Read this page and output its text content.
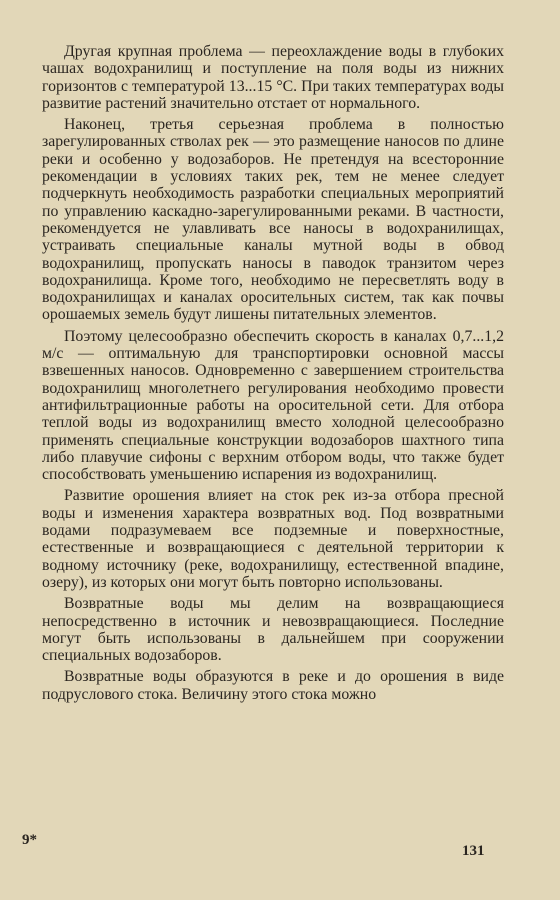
Другая крупная проблема — переохлаждение воды в глубоких чашах водохранилищ и поступление на поля воды из нижних горизонтов с температурой 13...15 °С. При таких температурах воды развитие растений значительно отстает от нормального.

Наконец, третья серьезная проблема в полностью зарегулированных стволах рек — это размещение наносов по длине реки и особенно у водозаборов. Не претендуя на всесторонние рекомендации в условиях таких рек, тем не менее следует подчеркнуть необходимость разработки специальных мероприятий по управлению каскадно-зарегулированными реками. В частности, рекомендуется не улавливать все наносы в водохранилищах, устраивать специальные каналы мутной воды в обвод водохранилищ, пропускать наносы в паводок транзитом через водохранилища. Кроме того, необходимо не пересветлять воду в водохранилищах и каналах оросительных систем, так как почвы орошаемых земель будут лишены питательных элементов.

Поэтому целесообразно обеспечить скорость в каналах 0,7...1,2 м/с — оптимальную для транспортировки основной массы взвешенных наносов. Одновременно с завершением строительства водохранилищ многолетнего регулирования необходимо провести антифильтрационные работы на оросительной сети. Для отбора теплой воды из водохранилищ вместо холодной целесообразно применять специальные конструкции водозаборов шахтного типа либо плавучие сифоны с верхним отбором воды, что также будет способствовать уменьшению испарения из водохранилищ.

Развитие орошения влияет на сток рек из-за отбора пресной воды и изменения характера возвратных вод. Под возвратными водами подразумеваем все подземные и поверхностные, естественные и возвращающиеся с деятельной территории к водному источнику (реке, водохранилищу, естественной впадине, озеру), из которых они могут быть повторно использованы.

Возвратные воды мы делим на возвращающиеся непосредственно в источник и невозвращающиеся. Последние могут быть использованы в дальнейшем при сооружении специальных водозаборов.

Возвратные воды образуются в реке и до орошения в виде подруслового стока. Величину этого стока можно

9*
131
